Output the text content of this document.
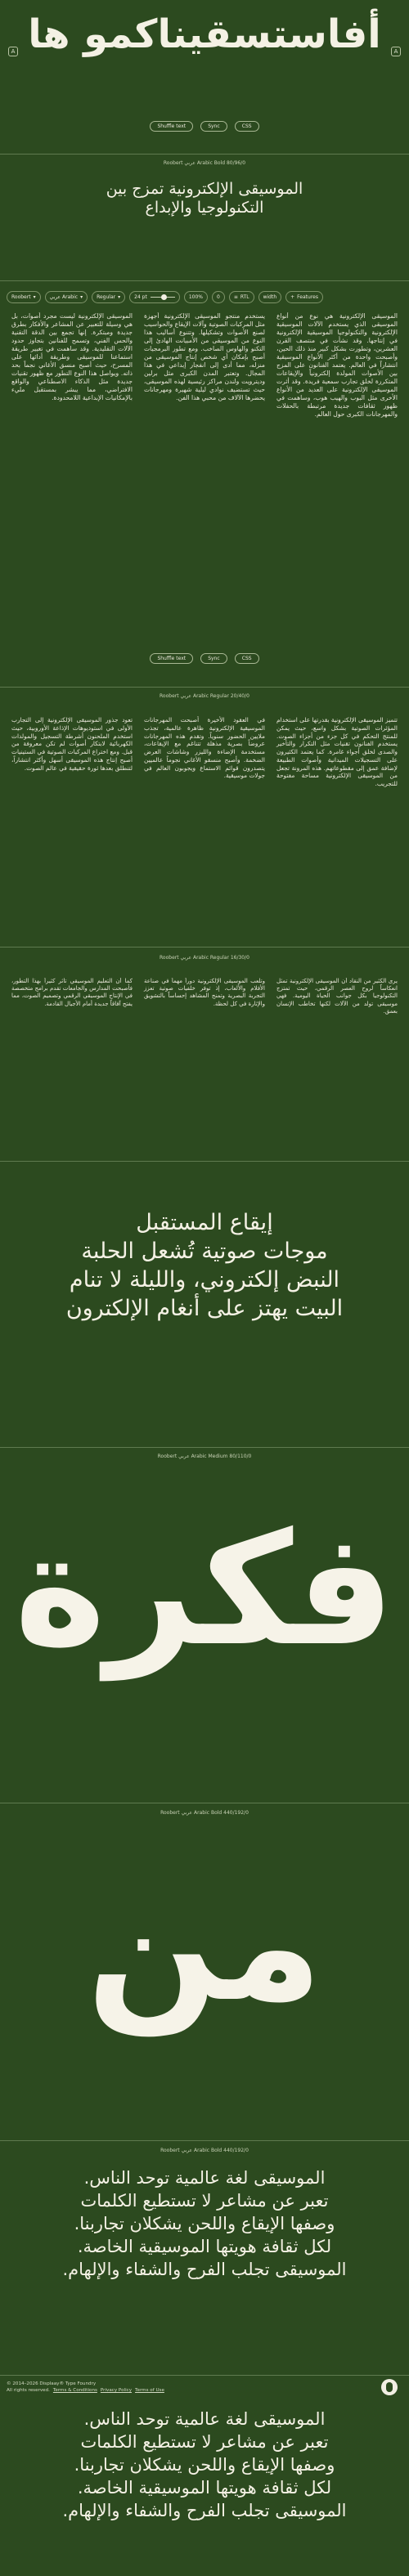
A	A
أفاستسقيناكمو ها
Shuffle text	Sync	CSS
Roobert عربي Arabic Bold 80/96/0
الموسيقى الإلكترونية تمزج بين التكنولوجيا والإبداع
Roobert ▾	عربي Arabic ▾	Regular ▾	24 pt	100%	0	≡ RTL	width	+ Features
الموسيقى الإلكترونية هي نوع من أنواع الموسيقى الذي يستخدم الآلات الموسيقية الإلكترونية والتكنولوجيا الموسيقية الإلكترونية في إنتاجها. وقد نشأت في منتصف القرن العشرين، وتطورت بشكل كبير منذ ذلك الحين، وأصبحت واحدة من أكثر الأنواع الموسيقية انتشاراً في العالم. يعتمد الفنانون على المزج بين الأصوات المولدة إلكترونياً والإيقاعات المتكررة لخلق تجارب سمعية فريدة. وقد أثرت الموسيقى الإلكترونية على العديد من الأنواع الأخرى مثل البوب والهيب هوب، وساهمت في ظهور ثقافات جديدة مرتبطة بالحفلات والمهرجانات الكبرى حول العالم.
يستخدم منتجو الموسيقى الإلكترونية أجهزة مثل المركبات الصوتية وآلات الإيقاع والحواسيب لصنع الأصوات وتشكيلها. وتتنوع أساليب هذا النوع من الموسيقى من الأمبيانت الهادئ إلى التكنو والهاوس الصاخب. ومع تطور البرمجيات أصبح بإمكان أي شخص إنتاج الموسيقى من منزله، مما أدى إلى انفجار إبداعي في هذا المجال. وتعتبر المدن الكبرى مثل برلين وديترويت ولندن مراكز رئيسية لهذه الموسيقى، حيث تستضيف نوادي ليلية شهيرة ومهرجانات يحضرها الآلاف من محبي هذا الفن.
الموسيقى الإلكترونية ليست مجرد أصوات، بل هي وسيلة للتعبير عن المشاعر والأفكار بطرق جديدة ومبتكرة. إنها تجمع بين الدقة التقنية والحس الفني، وتسمح للفنانين بتجاوز حدود الآلات التقليدية. وقد ساهمت في تغيير طريقة استماعنا للموسيقى وطريقة أدائها على المسرح، حيث أصبح منسق الأغاني نجماً بحد ذاته. ويواصل هذا النوع التطور مع ظهور تقنيات جديدة مثل الذكاء الاصطناعي والواقع الافتراضي، مما يبشر بمستقبل مليء بالإمكانيات الإبداعية اللامحدودة.
Shuffle text	Sync	CSS
Roobert عربي Arabic Regular 20/40/0
تتميز الموسيقى الإلكترونية بقدرتها على استخدام المؤثرات الصوتية بشكل واسع، حيث يمكن للمنتج التحكم في كل جزء من أجزاء الصوت. يستخدم الفنانون تقنيات مثل التكرار والتأخير والصدى لخلق أجواء غامرة. كما يعتمد الكثيرون على التسجيلات الميدانية وأصوات الطبيعة لإضافة عمق إلى مقطوعاتهم. هذه المرونة تجعل من الموسيقى الإلكترونية مساحة مفتوحة للتجريب.
في العقود الأخيرة أصبحت المهرجانات الموسيقية الإلكترونية ظاهرة عالمية، تجذب ملايين الحضور سنوياً. وتقدم هذه المهرجانات عروضاً بصرية مذهلة تتناغم مع الإيقاعات، مستخدمة الإضاءة والليزر وشاشات العرض الضخمة. وأصبح منسقو الأغاني نجوماً عالميين يتصدرون قوائم الاستماع ويجوبون العالم في جولات موسيقية.
تعود جذور الموسيقى الإلكترونية إلى التجارب الأولى في استوديوهات الإذاعة الأوروبية، حيث استخدم الملحنون أشرطة التسجيل والمولدات الكهربائية لابتكار أصوات لم تكن معروفة من قبل. ومع اختراع المركبات الصوتية في الستينيات أصبح إنتاج هذه الموسيقى أسهل وأكثر انتشاراً، لتنطلق بعدها ثورة حقيقية في عالم الصوت.
Roobert عربي Arabic Regular 16/30/0
يرى الكثير من النقاد أن الموسيقى الإلكترونية تمثل انعكاساً لروح العصر الرقمي، حيث تمتزج التكنولوجيا بكل جوانب الحياة اليومية. فهي موسيقى تولد من الآلات لكنها تخاطب الإنسان بعمق.
وتلعب الموسيقى الإلكترونية دوراً مهماً في صناعة الأفلام والألعاب، إذ توفر خلفيات صوتية تعزز التجربة البصرية وتمنح المشاهد إحساساً بالتشويق والإثارة في كل لحظة.
كما أن التعليم الموسيقي تأثر كثيراً بهذا التطور، فأصبحت المدارس والجامعات تقدم برامج متخصصة في الإنتاج الموسيقي الرقمي وتصميم الصوت، مما يفتح آفاقاً جديدة أمام الأجيال القادمة.
إيقاع المستقبل
موجات صوتية تُشعل الحلبة
النبض إلكتروني، والليلة لا تنام
البيت يهتز على أنغام الإلكترون
Roobert عربي Arabic Medium 80/110/0
فكرة
Roobert عربي Arabic Bold 440/192/0
من
Roobert عربي Arabic Bold 440/192/0
الموسيقى لغة عالمية توحد الناس.
تعبر عن مشاعر لا تستطيع الكلمات
وصفها الإيقاع واللحن يشكلان تجاربنا.
لكل ثقافة هويتها الموسيقية الخاصة.
الموسيقى تجلب الفرح والشفاء والإلهام.
© 2014–2026 Displaay® Type Foundry
All rights reserved. Terms & Conditions Privacy Policy Terms of Use
الموسيقى لغة عالمية توحد الناس.
تعبر عن مشاعر لا تستطيع الكلمات
وصفها الإيقاع واللحن يشكلان تجاربنا.
لكل ثقافة هويتها الموسيقية الخاصة.
الموسيقى تجلب الفرح والشفاء والإلهام.
